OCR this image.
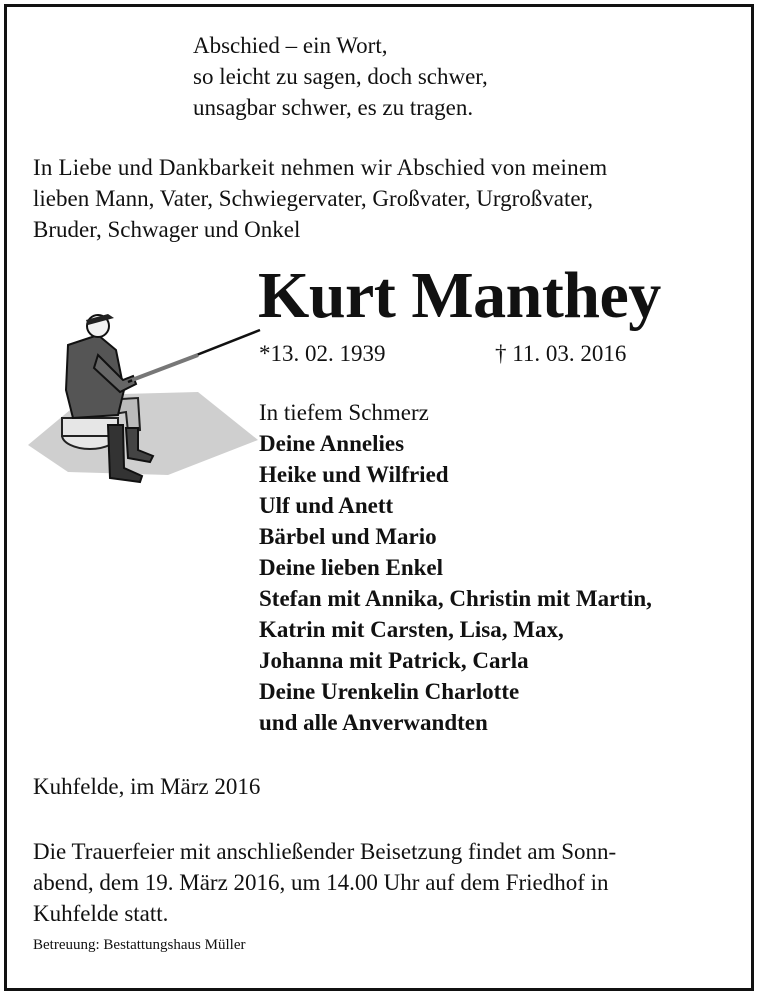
Abschied – ein Wort,
so leicht zu sagen, doch schwer,
unsagbar schwer, es zu tragen.
In Liebe und Dankbarkeit nehmen wir Abschied von meinem
lieben Mann, Vater, Schwiegervater, Großvater, Urgroßvater,
Bruder, Schwager und Onkel
Kurt Manthey
*13. 02. 1939	† 11. 03. 2016
In tiefem Schmerz
Deine Annelies
Heike und Wilfried
Ulf und Anett
Bärbel und Mario
Deine lieben Enkel
Stefan mit Annika, Christin mit Martin,
Katrin mit Carsten, Lisa, Max,
Johanna mit Patrick, Carla
Deine Urenkelin Charlotte
und alle Anverwandten
Kuhfelde, im März 2016
Die Trauerfeier mit anschließender Beisetzung findet am Sonn-
abend, dem 19. März 2016, um 14.00 Uhr auf dem Friedhof in
Kuhfelde statt.
Betreuung: Bestattungshaus Müller
